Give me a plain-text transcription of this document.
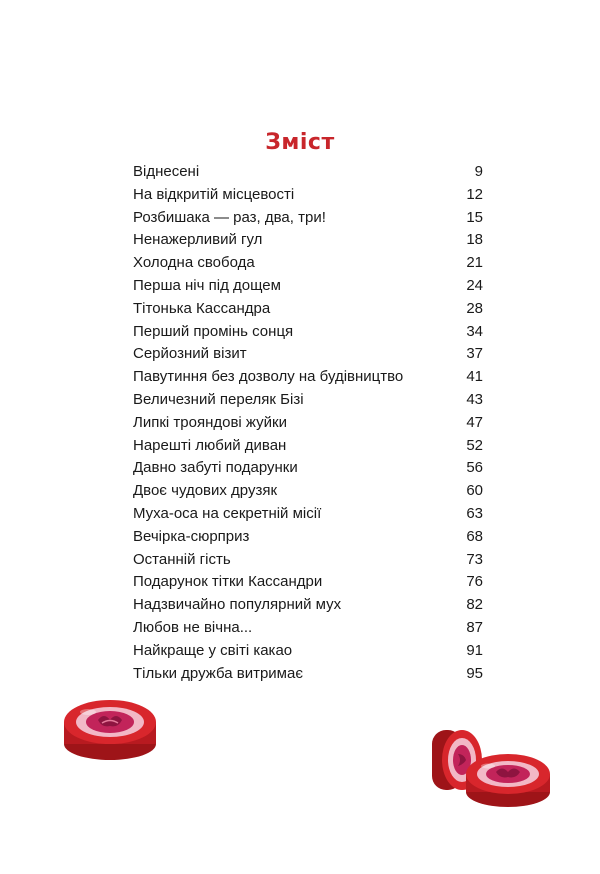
Зміст
Віднесені	9
На відкритій місцевості	12
Розбишака — раз, два, три!	15
Ненажерливий гул	18
Холодна свобода	21
Перша ніч під дощем	24
Тітонька Кассандра	28
Перший промінь сонця	34
Серйозний візит	37
Павутиння без дозволу на будівництво	41
Величезний переляк Бізі	43
Липкі трояндові жуйки	47
Нарешті любий диван	52
Давно забуті подарунки	56
Двоє чудових друзяк	60
Муха-оса на секретній місії	63
Вечірка-сюрприз	68
Останній гість	73
Подарунок тітки Кассандри	76
Надзвичайно популярний мух	82
Любов не вічна...	87
Найкраще у світі какао	91
Тільки дружба витримає	95
